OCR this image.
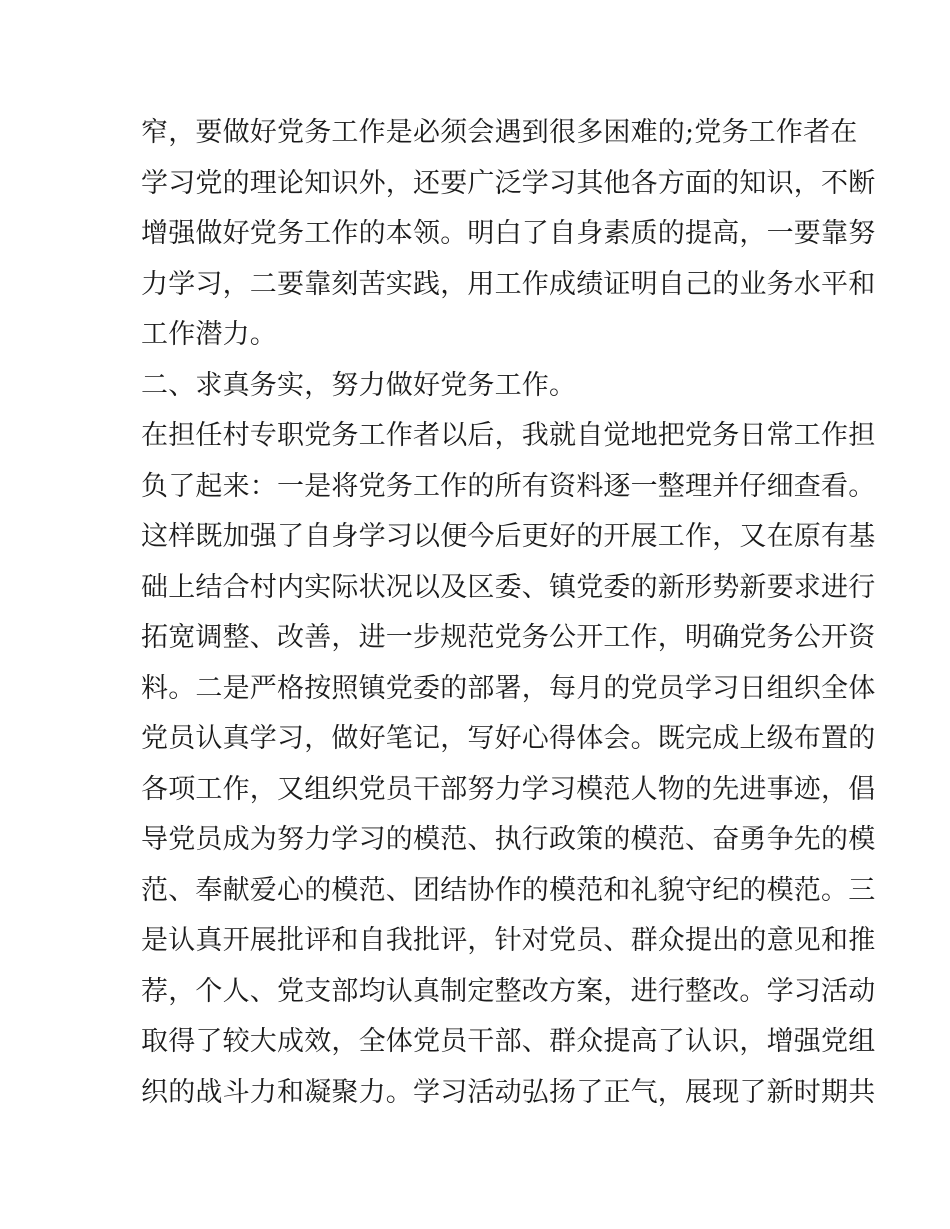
窄，要做好党务工作是必须会遇到很多困难的;党务工作者在
学习党的理论知识外，还要广泛学习其他各方面的知识，不断
增强做好党务工作的本领。明白了自身素质的提高，一要靠努
力学习，二要靠刻苦实践，用工作成绩证明自己的业务水平和
工作潜力。
二、求真务实，努力做好党务工作。
在担任村专职党务工作者以后，我就自觉地把党务日常工作担
负了起来：一是将党务工作的所有资料逐一整理并仔细查看。
这样既加强了自身学习以便今后更好的开展工作，又在原有基
础上结合村内实际状况以及区委、镇党委的新形势新要求进行
拓宽调整、改善，进一步规范党务公开工作，明确党务公开资
料。二是严格按照镇党委的部署，每月的党员学习日组织全体
党员认真学习，做好笔记，写好心得体会。既完成上级布置的
各项工作，又组织党员干部努力学习模范人物的先进事迹，倡
导党员成为努力学习的模范、执行政策的模范、奋勇争先的模
范、奉献爱心的模范、团结协作的模范和礼貌守纪的模范。三
是认真开展批评和自我批评，针对党员、群众提出的意见和推
荐，个人、党支部均认真制定整改方案，进行整改。学习活动
取得了较大成效，全体党员干部、群众提高了认识，增强党组
织的战斗力和凝聚力。学习活动弘扬了正气，展现了新时期共
